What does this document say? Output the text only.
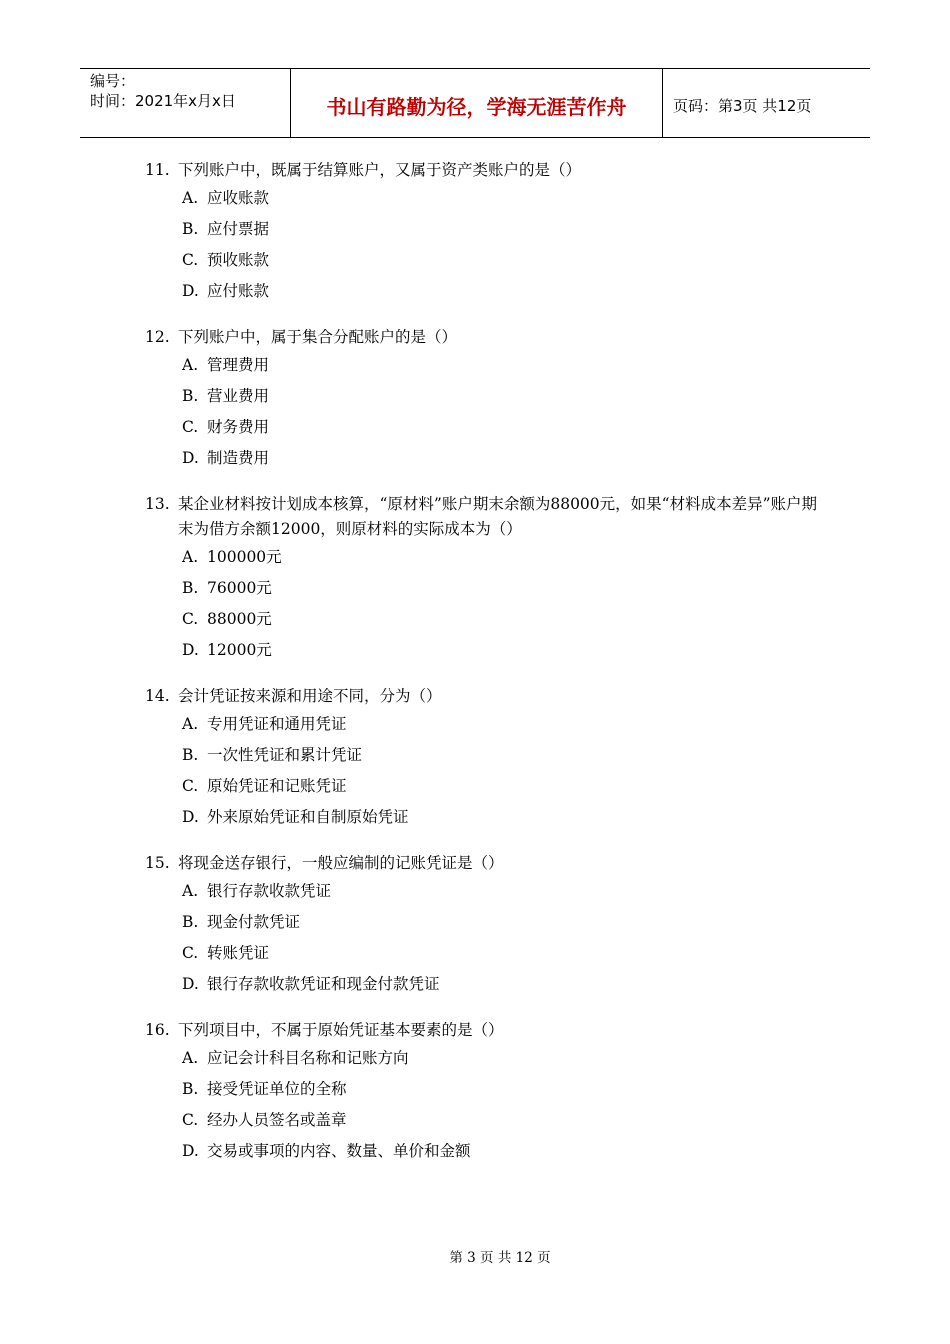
编号：
时间：2021年x月x日	书山有路勤为径，学海无涯苦作舟	页码：第3页 共12页
11. 下列账户中，既属于结算账户，又属于资产类账户的是（）
A. 应收账款
B. 应付票据
C. 预收账款
D. 应付账款
12. 下列账户中，属于集合分配账户的是（）
A. 管理费用
B. 营业费用
C. 财务费用
D. 制造费用
13. 某企业材料按计划成本核算，“原材料”账户期末余额为88000元，如果“材料成本差异”账户期末为借方余额12000，则原材料的实际成本为（）
A. 100000元
B. 76000元
C. 88000元
D. 12000元
14. 会计凭证按来源和用途不同，分为（）
A. 专用凭证和通用凭证
B. 一次性凭证和累计凭证
C. 原始凭证和记账凭证
D. 外来原始凭证和自制原始凭证
15. 将现金送存银行，一般应编制的记账凭证是（）
A. 银行存款收款凭证
B. 现金付款凭证
C. 转账凭证
D. 银行存款收款凭证和现金付款凭证
16. 下列项目中，不属于原始凭证基本要素的是（）
A. 应记会计科目名称和记账方向
B. 接受凭证单位的全称
C. 经办人员签名或盖章
D. 交易或事项的内容、数量、单价和金额
第 3 页 共 12 页
